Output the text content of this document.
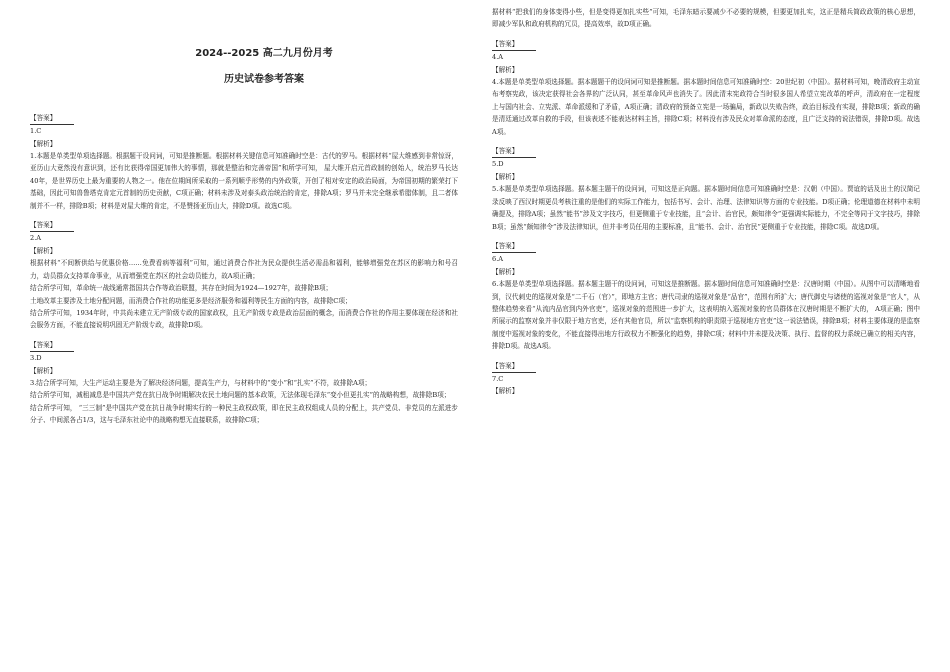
2024--2025 高二九月份月考

历史试卷参考答案

【答案】

1.C

【解析】

1.本题是单类型单项选择题。根据题干设问词，可知是推断题。根据材料关键信息可知准确时空是：古代的罗马。根据材料“屋大维感到非常惊讶，亚历山大竟然没有意识到，还有比获得帝国更加伟大的事情，那就是整治和完善帝国”和所学可知， 屋大维开启元首政制的创始人，统治罗马长达40年，是世界历史上最为重要的人物之一。他在位期间所采取的一系列顺乎形势的内外政策，开创了相对安定的政治局面，为帝国初期的繁荣打下基础，因此可知兽鲁塔克肯定元首制的历史贡献，C项正确；材料未涉及对泰头政治统治的肯定，排除A项；罗马并未完全继承希腊体制，且二者体制并不一样，排除B项；材料是对屋大维的肯定，不是赞扬亚历山大，排除D项。故选C项。

【答案】

2.A

【解析】

根据材料“不间断供给与优惠价格……免费看病等福利”可知，通过消费合作社为民众提供生活必需品和福利，能够增强党在苏区的影响力和号召力，动员群众支持革命事业，从而增强党在苏区的社会动员能力，故A项正确；

结合所学可知，革命统一战线通常指国共合作等政治联盟，其存在时间为1924—1927年，故排除B项；

土地改革主要涉及土地分配问题，而消费合作社的功能更多是经济服务和福利等民生方面的内容，故排除C项；

结合所学可知，1934年时，中共尚未建立无产阶级专政的国家政权，且无产阶级专政是政治层面的概念，而消费合作社的作用主要体现在经济和社会服务方面，不能直接说明巩固无产阶级专政，故排除D项。

【答案】

3.D

【解析】

3.结合所学可知，大生产运动主要是为了解决经济问题，提高生产力，与材料中的“变小”和“扎实”不符，故排除A项；

结合所学可知，减租减息是中国共产党在抗日战争时期解决农民土地问题的基本政策，无法体现毛泽东“变小但更扎实”的战略构想，故排除B项；

结合所学可知， “三三制”是中国共产党在抗日战争时期实行的一种民主政权政策，即在民主政权组成人员的分配上，共产党员、非党员的左派进步分子、中间派各占1/3，这与毛泽东社论中的战略构想无直接联系，故排除C项；

据材料“把我们的身体变得小些，但是变得更加扎实些”可知，毛泽东暗示要减少不必要的规模，但要更加扎实，这正是精兵简政政策的核心思想，即减少军队和政府机构的冗员，提高效率，故D项正确。

【答案】

4.A

【解析】

4.本题是单类型单项选择题。据本题题干的设问词可知是推断题。据本题时间信息可知准确时空：20世纪初（中国）。据材料可知，晚清政府主动宣布考察宪政，该决定获得社会各界的广泛认同，甚至革命风声也消失了。因此清末宪政符合当时很多国人希望立宪改革的呼声，清政府在一定程度上与国内社会、立宪派、革命派缓和了矛盾，A项正确；清政府的预备立宪是一场骗局，新政以失败告终，政治目标没有实现，排除B项；新政的确是清廷通过改革自救的手段，但该表述不能表达材料主旨，排除C项；材料没有涉及民众对革命派的态度，且广泛支持的说法错误，排除D项。故选A项。

【答案】

5.D

【解析】

5.本题是单类型单项选择题。据本题主题干的设问词，可知这是正向题。据本题时间信息可知准确时空是：汉朝（中国）。贾谊的话及出土的汉简记录反映了西汉时期更员考核注重的是他们的实际工作能力，包括书写、会计、治理、法律知识等方面的专业技能。D项正确；伦理道德在材料中未明确提及，排除A项；虽然“能书”涉及文字技巧，但更侧重于专业技能，且“会计、治官民，颇知律令”更强调实际能力，不完全等同于文字技巧，排除B项；虽然“颇知律令”涉及法律知识，但并非考员任用的主要标准，且“能书、会计、治官民”更侧重于专业技能，排除C项。故选D项。

【答案】

6.A

【解析】

6.本题是单类型单项选择题。据本题主题干的设问词，可知这是推断题。据本题时间信息可知准确时空是：汉唐时期（中国）。从图中可以清晰地看到，汉代刺史的巡视对象是“二千石（官）”，即地方主官；唐代司隶的巡视对象是“品官”，范围有所扩大；唐代御史与诸使的巡视对象是“官人”，从整体趋势来看“从流内品官到内外官吏”，巡视对象的范围进一步扩大，这表明纳入巡视对象的官员群体在汉唐时期是不断扩大的， A项正确；图中所展示的监察对象并非仅限于地方官吏，还有其他官员，所以“监察机构的职责限于巡视地方官吏”这一说法错误，排除B项；材料主要体现的是监察制度中巡视对象的变化，不能直接得出地方行政权力不断强化的趋势，排除C项；材料中并未提及决策、执行、监督的权力系统已确立的相关内容，排除D项。故选A项。

【答案】

7.C

【解析】
